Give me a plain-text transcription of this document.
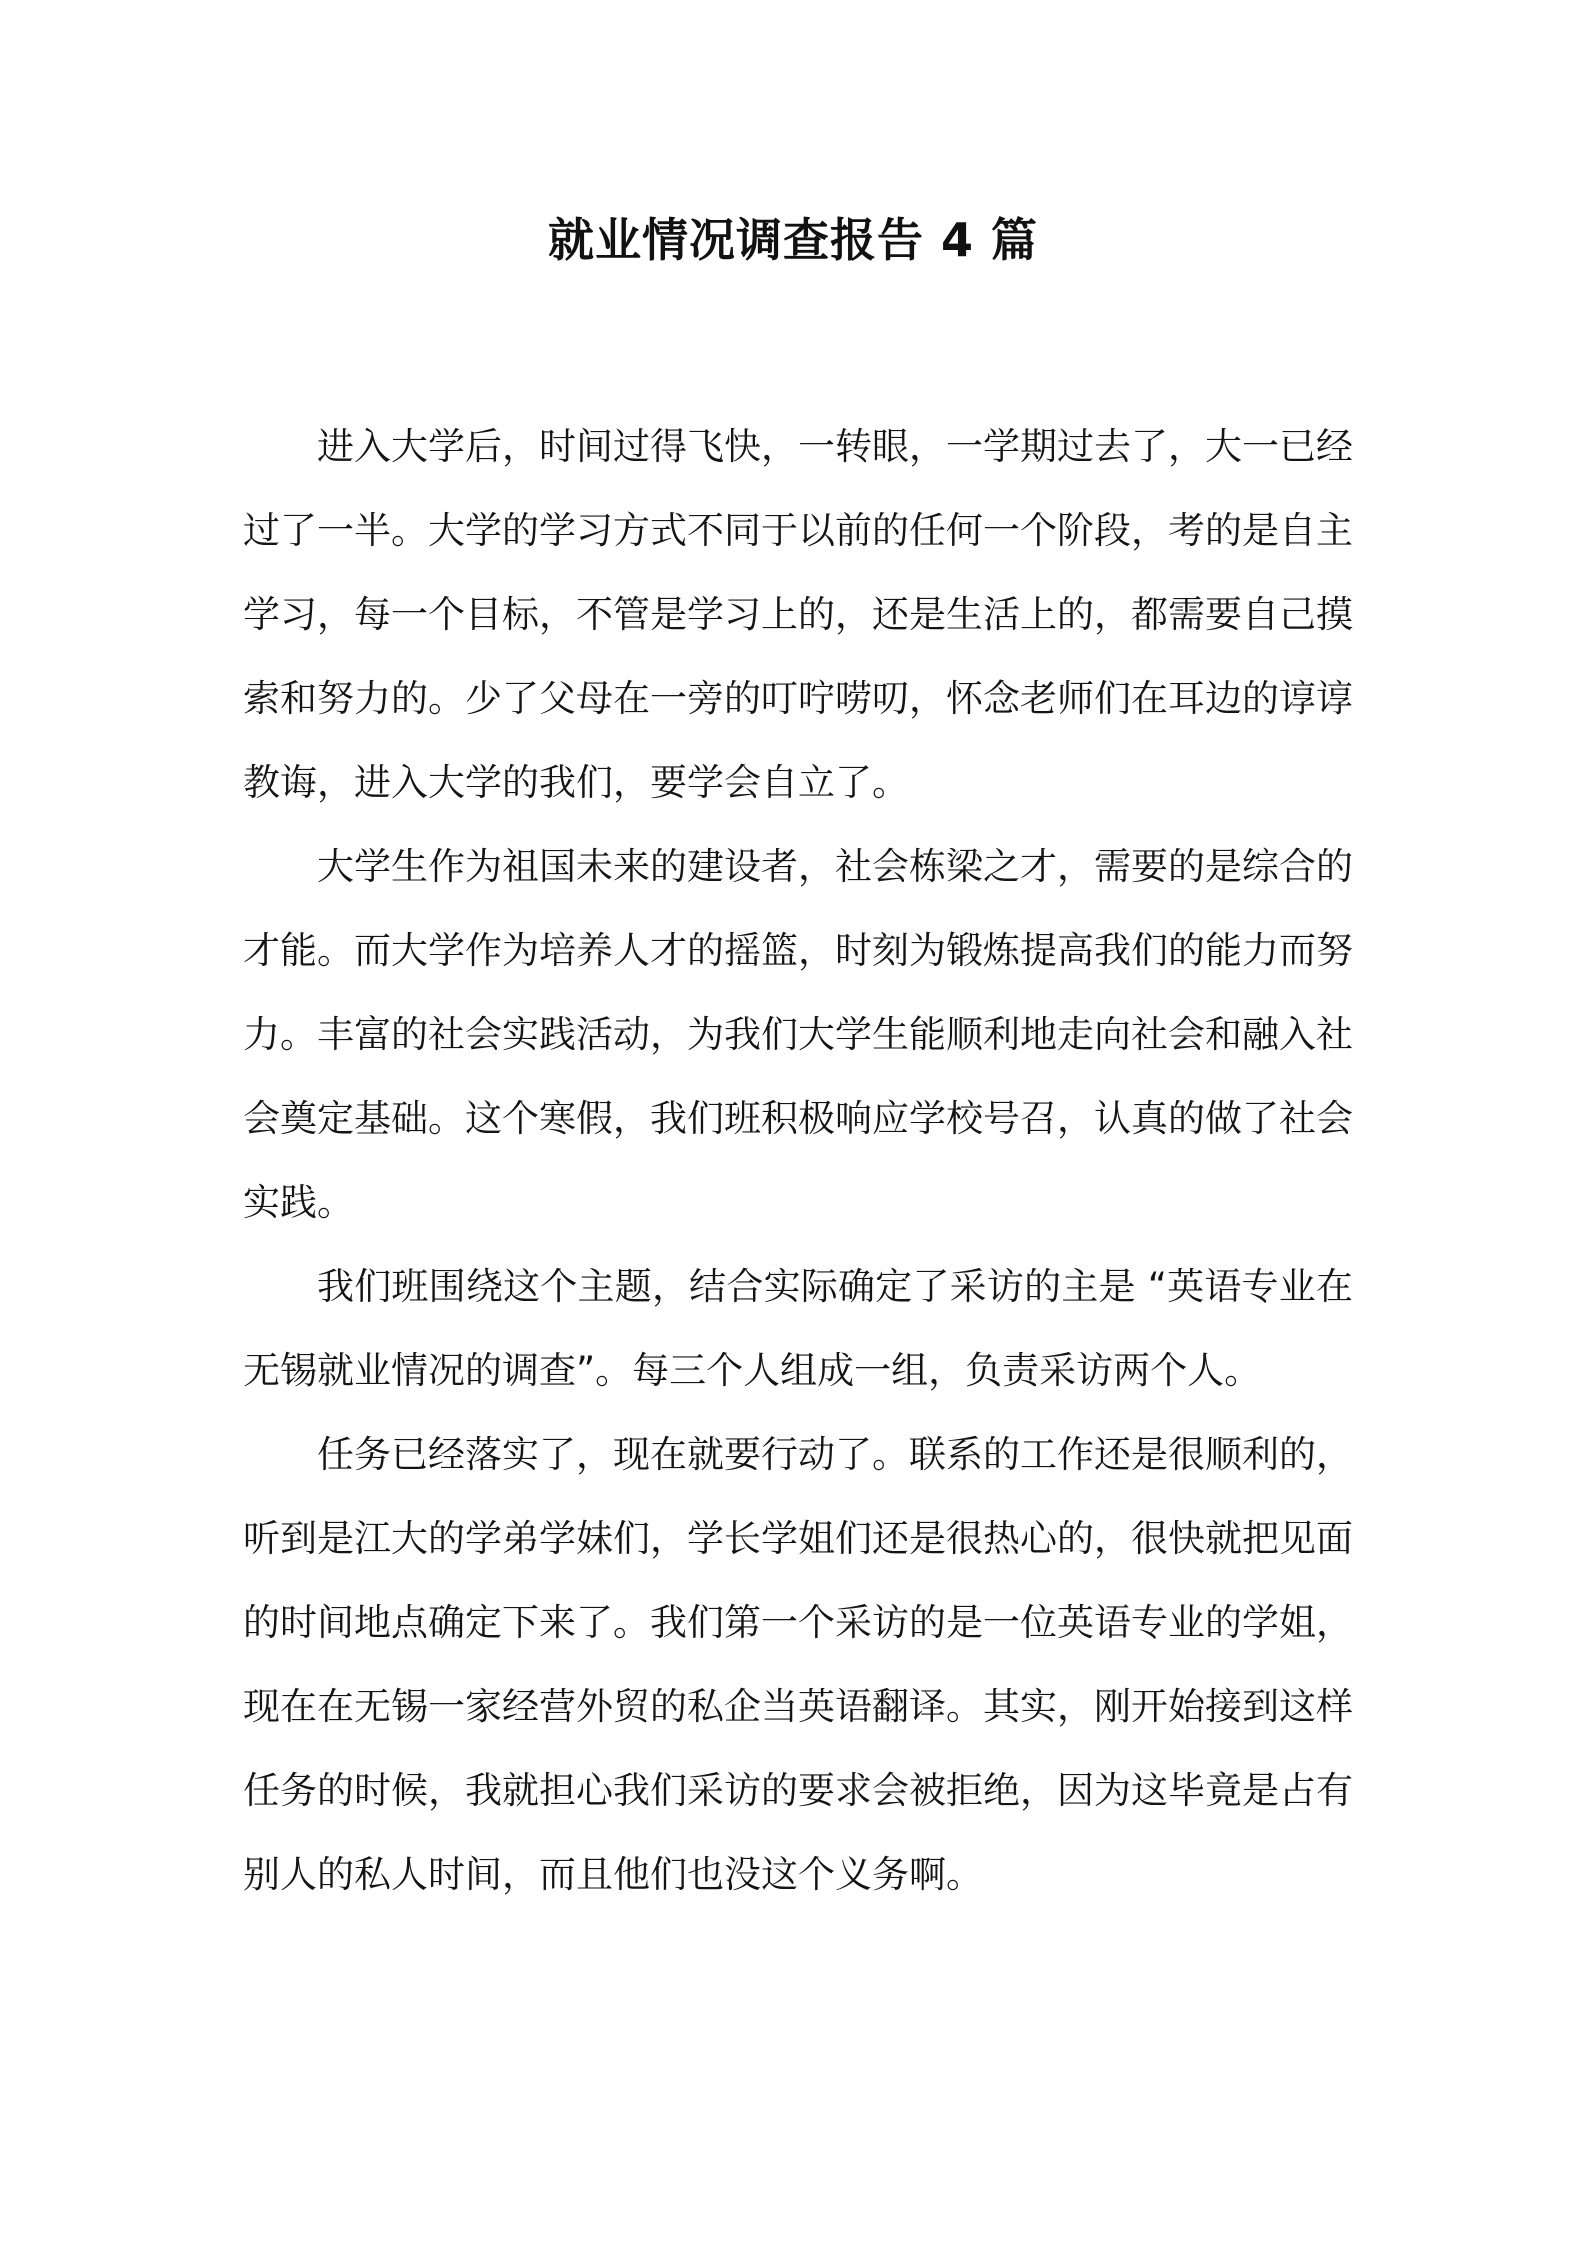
就业情况调查报告 4 篇

进入大学后，时间过得飞快，一转眼，一学期过去了，大一已经过了一半。大学的学习方式不同于以前的任何一个阶段，考的是自主学习，每一个目标，不管是学习上的，还是生活上的，都需要自己摸索和努力的。少了父母在一旁的叮咛唠叨，怀念老师们在耳边的谆谆教诲，进入大学的我们，要学会自立了。

大学生作为祖国未来的建设者，社会栋梁之才，需要的是综合的才能。而大学作为培养人才的摇篮，时刻为锻炼提高我们的能力而努力。丰富的社会实践活动，为我们大学生能顺利地走向社会和融入社会奠定基础。这个寒假，我们班积极响应学校号召，认真的做了社会实践。

我们班围绕这个主题，结合实际确定了采访的主是 “英语专业在无锡就业情况的调查”。每三个人组成一组，负责采访两个人。

任务已经落实了，现在就要行动了。联系的工作还是很顺利的，听到是江大的学弟学妹们，学长学姐们还是很热心的，很快就把见面的时间地点确定下来了。我们第一个采访的是一位英语专业的学姐，现在在无锡一家经营外贸的私企当英语翻译。其实，刚开始接到这样任务的时候，我就担心我们采访的要求会被拒绝，因为这毕竟是占有别人的私人时间，而且他们也没这个义务啊。
